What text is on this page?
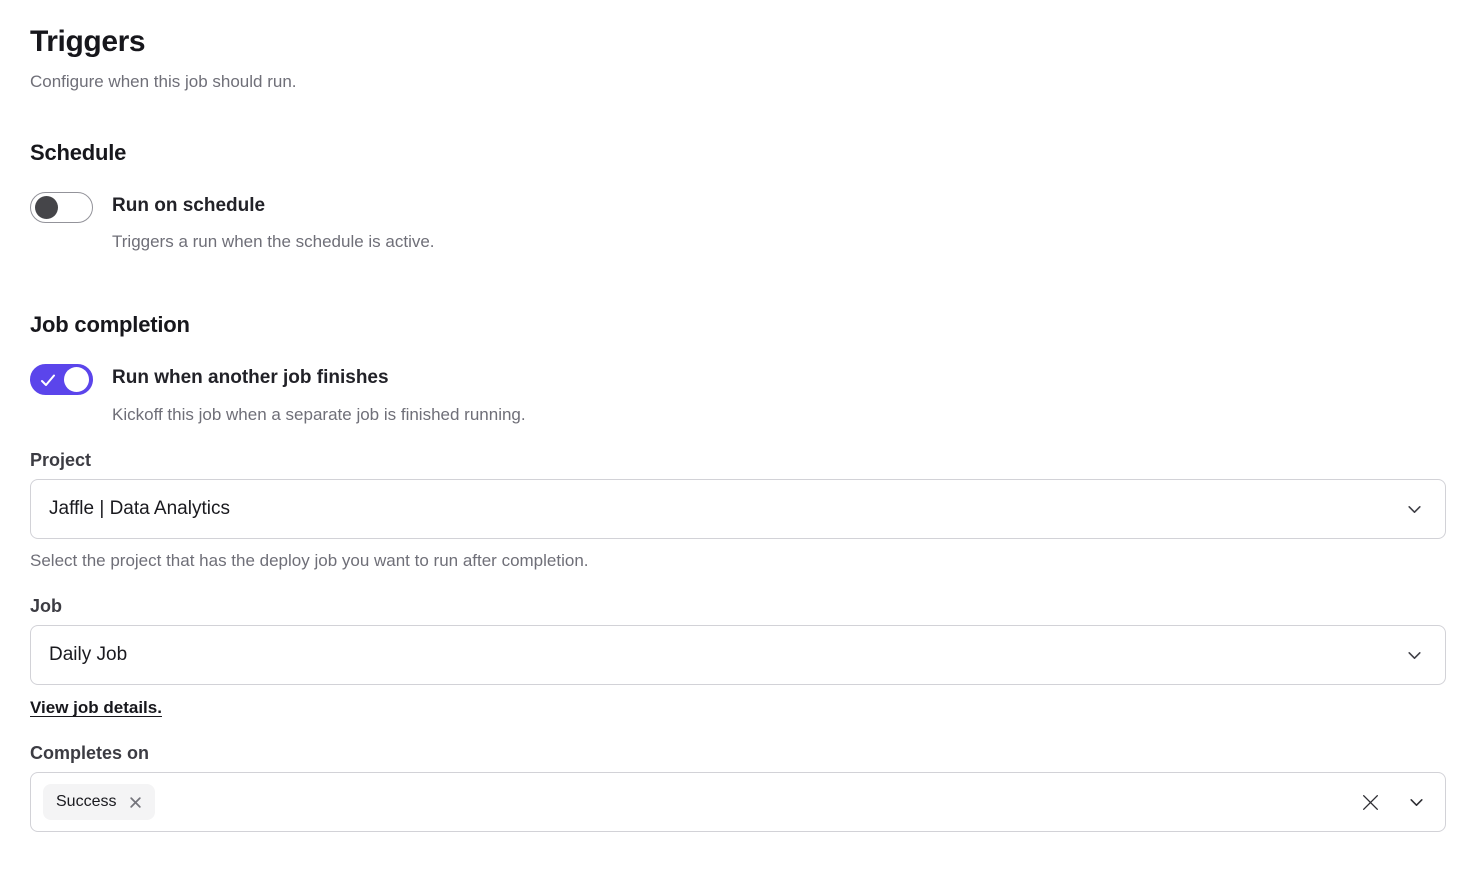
Triggers

Configure when this job should run.

Schedule
Run on schedule
Triggers a run when the schedule is active.
Job completion
Run when another job finishes
Kickoff this job when a separate job is finished running.
Project
Jaffle | Data Analytics
Select the project that has the deploy job you want to run after completion.
Job
Daily Job
View job details.
Completes on
Success
